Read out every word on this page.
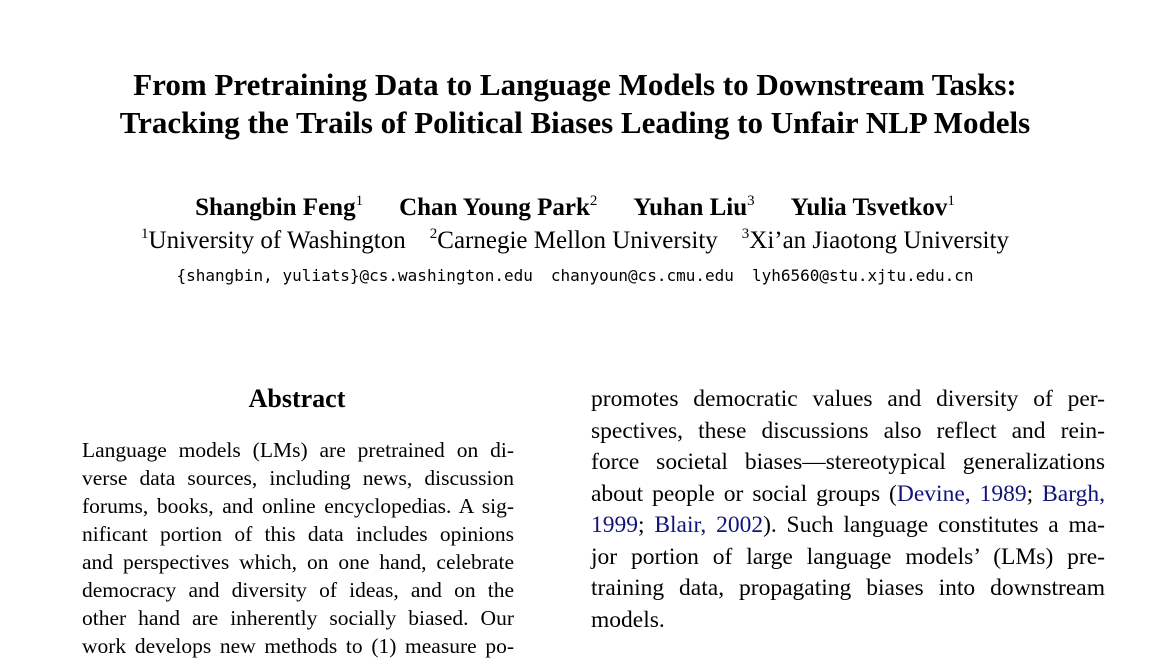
From Pretraining Data to Language Models to Downstream Tasks:
Tracking the Trails of Political Biases Leading to Unfair NLP Models
Shangbin Feng$^1$ Chan Young Park$^2$ Yuhan Liu$^3$ Yulia Tsvetkov$^1$
$^1$University of Washington $^2$Carnegie Mellon University $^3$Xi’an Jiaotong University
{shangbin, yuliats}@cs.washington.edu chanyoun@cs.cmu.edu lyh6560@stu.xjtu.edu.cn
Abstract
Language models (LMs) are pretrained on di-
verse data sources, including news, discussion
forums, books, and online encyclopedias. A sig-
nificant portion of this data includes opinions
and perspectives which, on one hand, celebrate
democracy and diversity of ideas, and on the
other hand are inherently socially biased. Our
work develops new methods to (1) measure po-
promotes democratic values and diversity of per-
spectives, these discussions also reflect and rein-
force societal biases—stereotypical generalizations
about people or social groups (Devine, 1989; Bargh,
1999; Blair, 2002). Such language constitutes a ma-
jor portion of large language models’ (LMs) pre-
training data, propagating biases into downstream
models.
